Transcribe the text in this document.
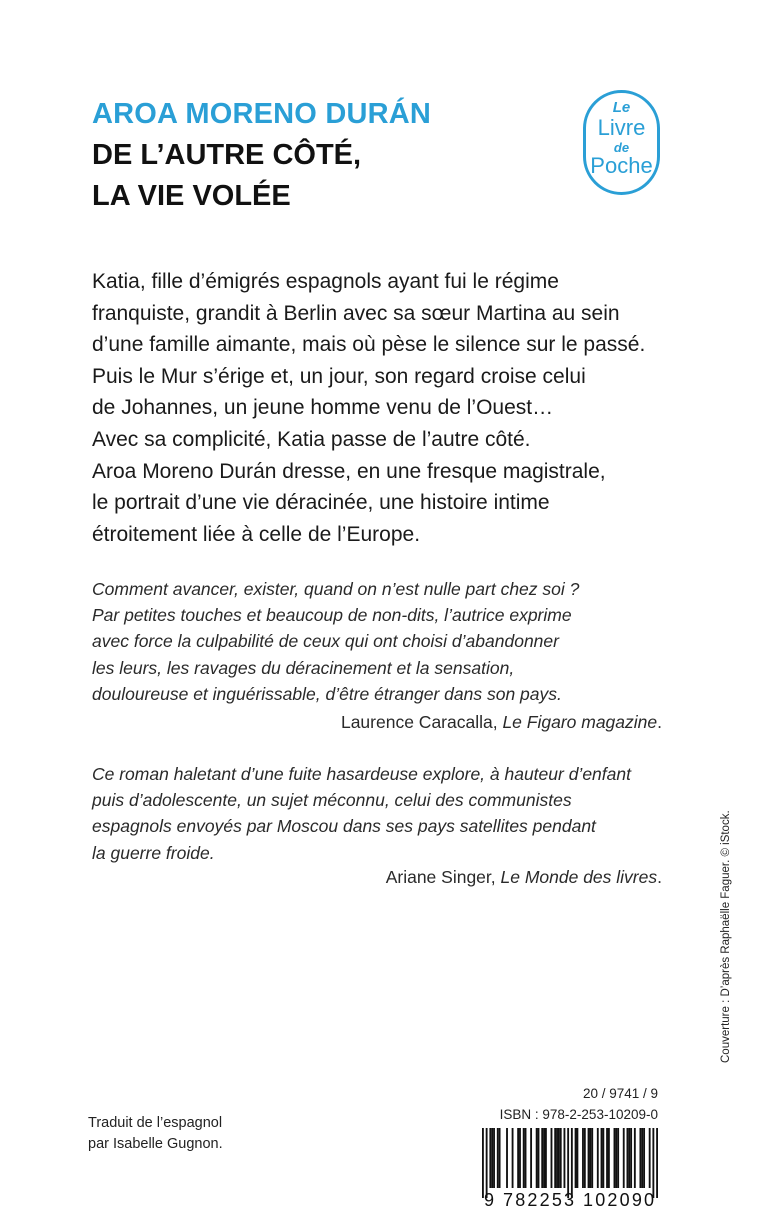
AROA MORENO DURÁN
DE L’AUTRE CÔTÉ,
LA VIE VOLÉE
Le
Livre
de
Poche
Katia, fille d’émigrés espagnols ayant fui le régime
franquiste, grandit à Berlin avec sa sœur Martina au sein
d’une famille aimante, mais où pèse le silence sur le passé.
Puis le Mur s’érige et, un jour, son regard croise celui
de Johannes, un jeune homme venu de l’Ouest…
Avec sa complicité, Katia passe de l’autre côté.
Aroa Moreno Durán dresse, en une fresque magistrale,
le portrait d’une vie déracinée, une histoire intime
étroitement liée à celle de l’Europe.
Comment avancer, exister, quand on n’est nulle part chez soi ?
Par petites touches et beaucoup de non-dits, l’autrice exprime
avec force la culpabilité de ceux qui ont choisi d’abandonner
les leurs, les ravages du déracinement et la sensation,
douloureuse et inguérissable, d’être étranger dans son pays.
Laurence Caracalla, Le Figaro magazine.
Ce roman haletant d’une fuite hasardeuse explore, à hauteur d’enfant
puis d’adolescente, un sujet méconnu, celui des communistes
espagnols envoyés par Moscou dans ses pays satellites pendant
la guerre froide.
Ariane Singer, Le Monde des livres.	Couverture : D’après Raphaëlle Faguer. © iStock.
Traduit de l’espagnol
par Isabelle Gugnon.
20 / 9741 / 9
ISBN : 978-2-253-10209-0
9 782253 102090
